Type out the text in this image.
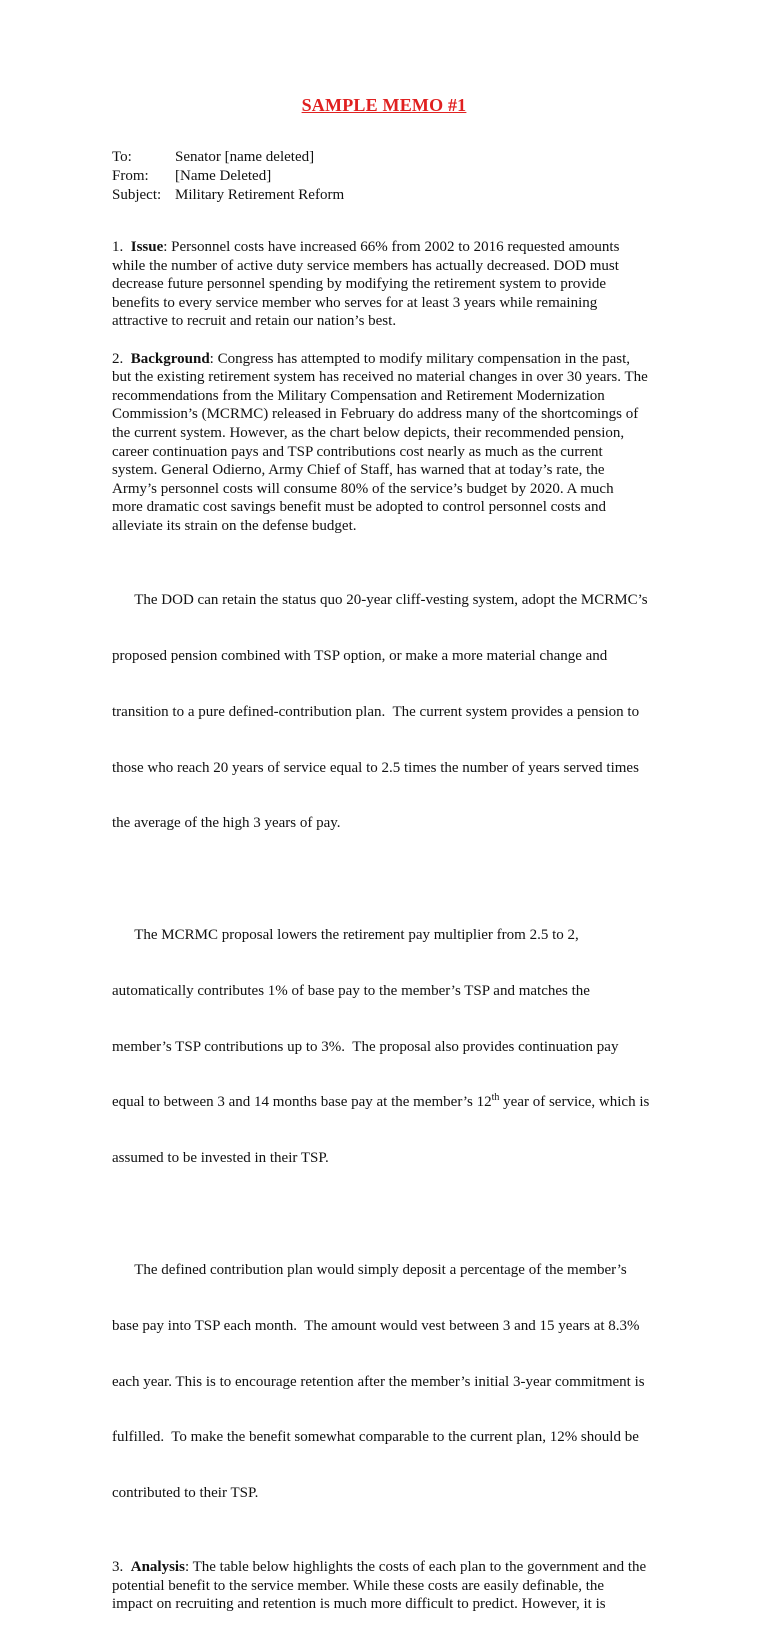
SAMPLE MEMO #1
To:	Senator [name deleted]
From:	[Name Deleted]
Subject: Military Retirement Reform
1. Issue: Personnel costs have increased 66% from 2002 to 2016 requested amounts
while the number of active duty service members has actually decreased. DOD must
decrease future personnel spending by modifying the retirement system to provide
benefits to every service member who serves for at least 3 years while remaining
attractive to recruit and retain our nation’s best.
2. Background: Congress has attempted to modify military compensation in the past,
but the existing retirement system has received no material changes in over 30 years. The
recommendations from the Military Compensation and Retirement Modernization
Commission’s (MCRMC) released in February do address many of the shortcomings of
the current system. However, as the chart below depicts, their recommended pension,
career continuation pays and TSP contributions cost nearly as much as the current
system. General Odierno, Army Chief of Staff, has warned that at today’s rate, the
Army’s personnel costs will consume 80% of the service’s budget by 2020. A much
more dramatic cost savings benefit must be adopted to control personnel costs and
alleviate its strain on the defense budget.

The DOD can retain the status quo 20-year cliff-vesting system, adopt the MCRMC’s

proposed pension combined with TSP option, or make a more material change and

transition to a pure defined-contribution plan.  The current system provides a pension to

those who reach 20 years of service equal to 2.5 times the number of years served times

the average of the high 3 years of pay.

The MCRMC proposal lowers the retirement pay multiplier from 2.5 to 2,

automatically contributes 1% of base pay to the member’s TSP and matches the

member’s TSP contributions up to 3%.  The proposal also provides continuation pay

equal to between 3 and 14 months base pay at the member’s 12th year of service, which is

assumed to be invested in their TSP.

The defined contribution plan would simply deposit a percentage of the member’s

base pay into TSP each month.  The amount would vest between 3 and 15 years at 8.3%

each year. This is to encourage retention after the member’s initial 3-year commitment is

fulfilled.  To make the benefit somewhat comparable to the current plan, 12% should be

contributed to their TSP.

3. Analysis: The table below highlights the costs of each plan to the government and the
potential benefit to the service member. While these costs are easily definable, the
impact on recruiting and retention is much more difficult to predict. However, it is
